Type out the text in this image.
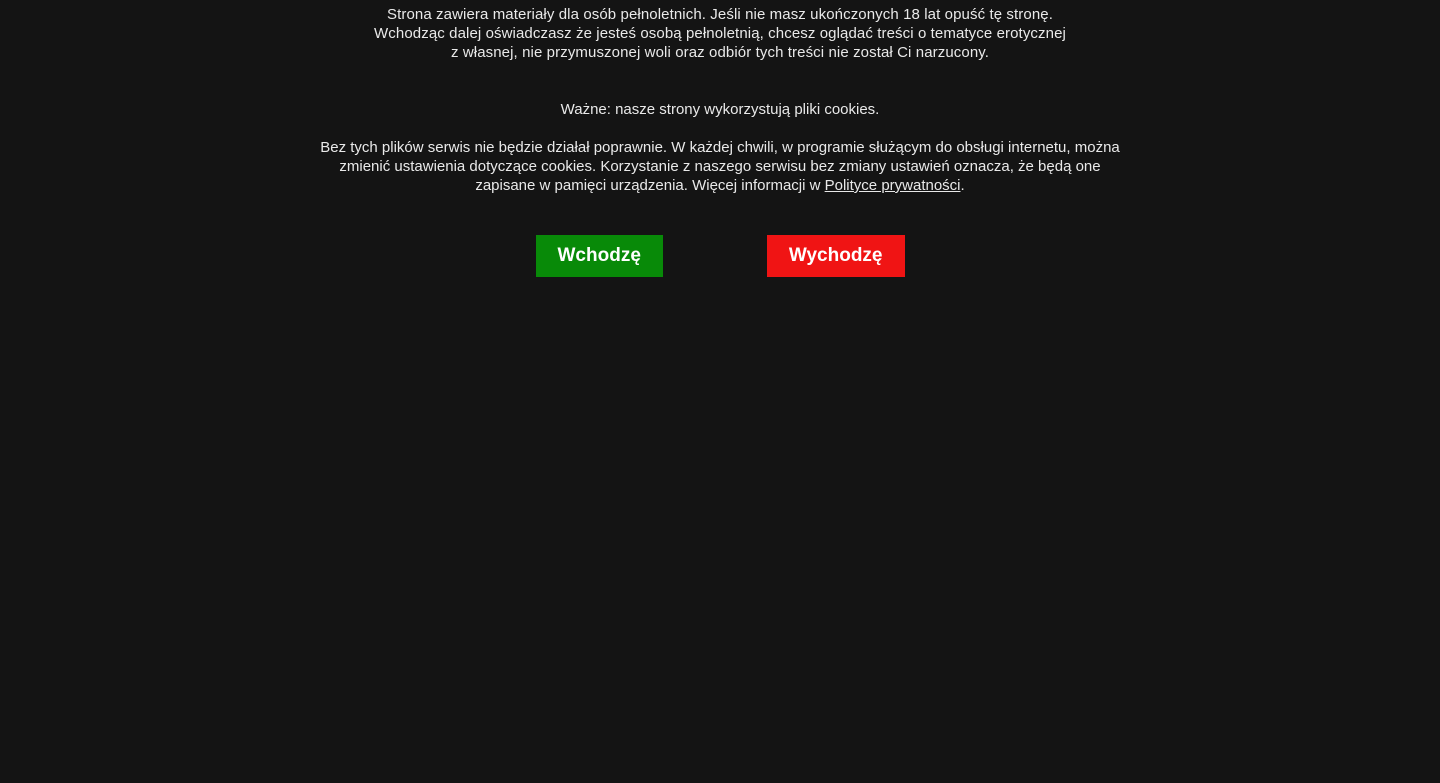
Strona zawiera materiały dla osób pełnoletnich. Jeśli nie masz ukończonych 18 lat opuść tę stronę.

Wchodząc dalej oświadczasz że jesteś osobą pełnoletnią, chcesz oglądać treści o tematyce erotycznej

z własnej, nie przymuszonej woli oraz odbiór tych treści nie został Ci narzucony.

Ważne: nasze strony wykorzystują pliki cookies.
Bez tych plików serwis nie będzie działał poprawnie. W każdej chwili, w programie służącym do obsługi internetu, można zmienić ustawienia dotyczące cookies. Korzystanie z naszego serwisu bez zmiany ustawień oznacza, że będą one zapisane w pamięci urządzenia. Więcej informacji w Polityce prywatności.
Wchodzę	Wychodzę
